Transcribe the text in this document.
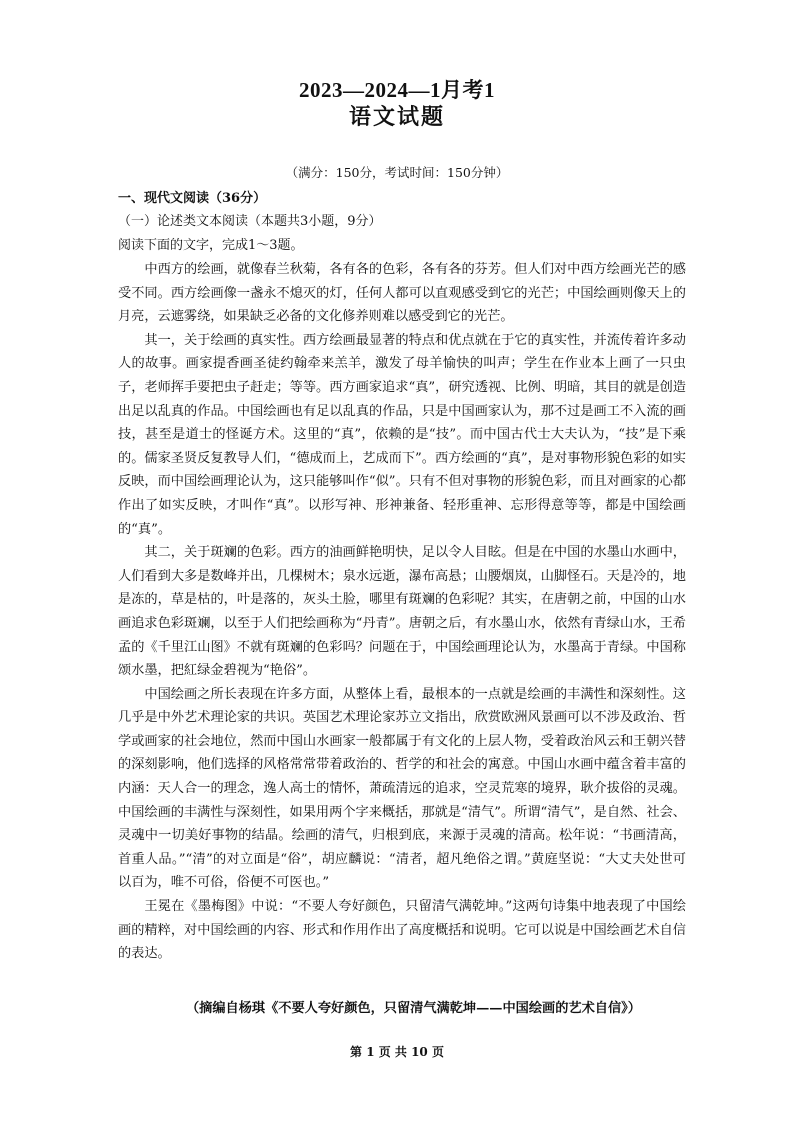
2023—2024—1月考1
语文试题
（满分：150分，考试时间：150分钟）
一、现代文阅读（36分）
（一）论述类文本阅读（本题共3小题，9分）
阅读下面的文字，完成1～3题。

中西方的绘画，就像春兰秋菊，各有各的色彩，各有各的芬芳。但人们对中西方绘画光芒的感受不同。西方绘画像一盏永不熄灭的灯，任何人都可以直观感受到它的光芒；中国绘画则像天上的月亮，云遮雾绕，如果缺乏必备的文化修养则难以感受到它的光芒。

其一，关于绘画的真实性。西方绘画最显著的特点和优点就在于它的真实性，并流传着许多动人的故事。画家提香画圣徒约翰牵来羔羊，激发了母羊愉快的叫声；学生在作业本上画了一只虫子，老师挥手要把虫子赶走；等等。西方画家追求“真”，研究透视、比例、明暗，其目的就是创造出足以乱真的作品。中国绘画也有足以乱真的作品，只是中国画家认为，那不过是画工不入流的画技，甚至是道士的怪诞方术。这里的“真”，依赖的是“技”。而中国古代士大夫认为，“技”是下乘的。儒家圣贤反复教导人们，“德成而上，艺成而下”。西方绘画的“真”，是对事物形貌色彩的如实反映，而中国绘画理论认为，这只能够叫作“似”。只有不但对事物的形貌色彩，而且对画家的心都作出了如实反映，才叫作“真”。以形写神、形神兼备、轻形重神、忘形得意等等，都是中国绘画的“真”。

其二，关于斑斓的色彩。西方的油画鲜艳明快，足以令人目眩。但是在中国的水墨山水画中，人们看到大多是数峰并出，几棵树木；泉水远逝，瀑布高悬；山腰烟岚，山脚怪石。天是冷的，地是冻的，草是枯的，叶是落的，灰头土脸，哪里有斑斓的色彩呢？其实，在唐朝之前，中国的山水画追求色彩斑斓，以至于人们把绘画称为“丹青”。唐朝之后，有水墨山水，依然有青绿山水，王希孟的《千里江山图》不就有斑斓的色彩吗？问题在于，中国绘画理论认为，水墨高于青绿。中国称颂水墨，把紅绿金碧视为“艳俗”。

中国绘画之所长表现在许多方面，从整体上看，最根本的一点就是绘画的丰满性和深刻性。这几乎是中外艺术理论家的共识。英国艺术理论家苏立文指出，欣赏欧洲风景画可以不涉及政治、哲学或画家的社会地位，然而中国山水画家一般都属于有文化的上层人物，受着政治风云和王朝兴替的深刻影响，他们选择的风格常常带着政治的、哲学的和社会的寓意。中国山水画中蕴含着丰富的内涵：天人合一的理念，逸人高士的情怀，萧疏清远的追求，空灵荒寒的境界，耿介拔俗的灵魂。中国绘画的丰满性与深刻性，如果用两个字来概括，那就是“清气”。所谓“清气”，是自然、社会、灵魂中一切美好事物的结晶。绘画的清气，归根到底，来源于灵魂的清高。松年说：“书画清高，首重人品。”“清”的对立面是“俗”，胡应麟说：“清者，超凡绝俗之谓。”黄庭坚说：“大丈夫处世可以百为，唯不可俗，俗便不可医也。”

王冕在《墨梅图》中说：“不要人夸好颜色，只留清气满乾坤。”这两句诗集中地表现了中国绘画的精粹，对中国绘画的内容、形式和作用作出了高度概括和说明。它可以说是中国绘画艺术自信的表达。

（摘编自杨琪《不要人夸好颜色，只留清气满乾坤——中国绘画的艺术自信》）
第 1 页 共 10 页
